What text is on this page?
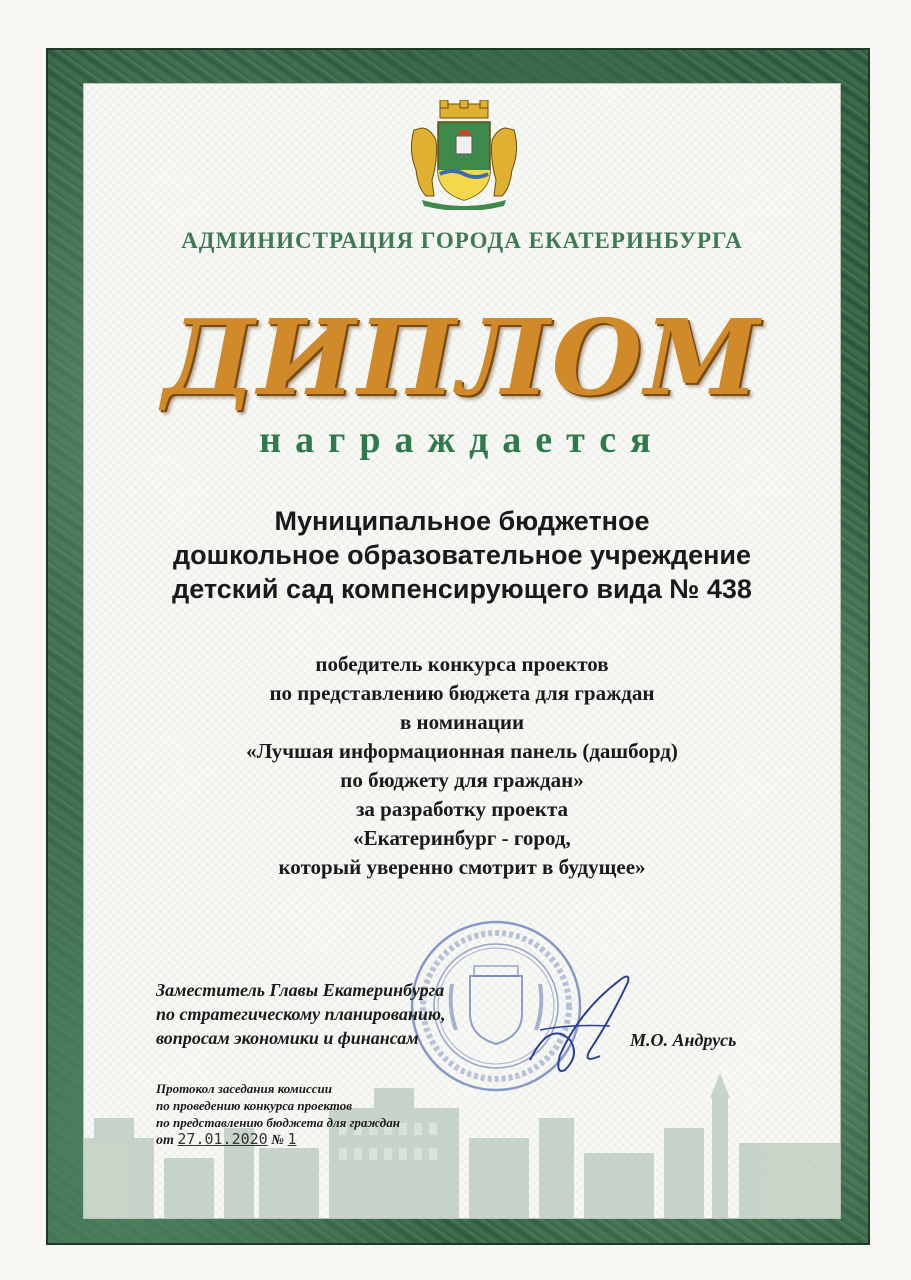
АДМИНИСТРАЦИЯ ГОРОДА ЕКАТЕРИНБУРГА
ДИПЛОМ
награждается
Муниципальное бюджетное
дошкольное образовательное учреждение
детский сад компенсирующего вида № 438
победитель конкурса проектов
по представлению бюджета для граждан
в номинации
«Лучшая информационная панель (дашборд)
по бюджету для граждан»
за разработку проекта
«Екатеринбург - город,
который уверенно смотрит в будущее»
Заместитель Главы Екатеринбурга
по стратегическому планированию,
вопросам экономики и финансам	М.О. Андрусь
Протокол заседания комиссии
по проведению конкурса проектов
по представлению бюджета для граждан
от 27.01.2020 № 1
